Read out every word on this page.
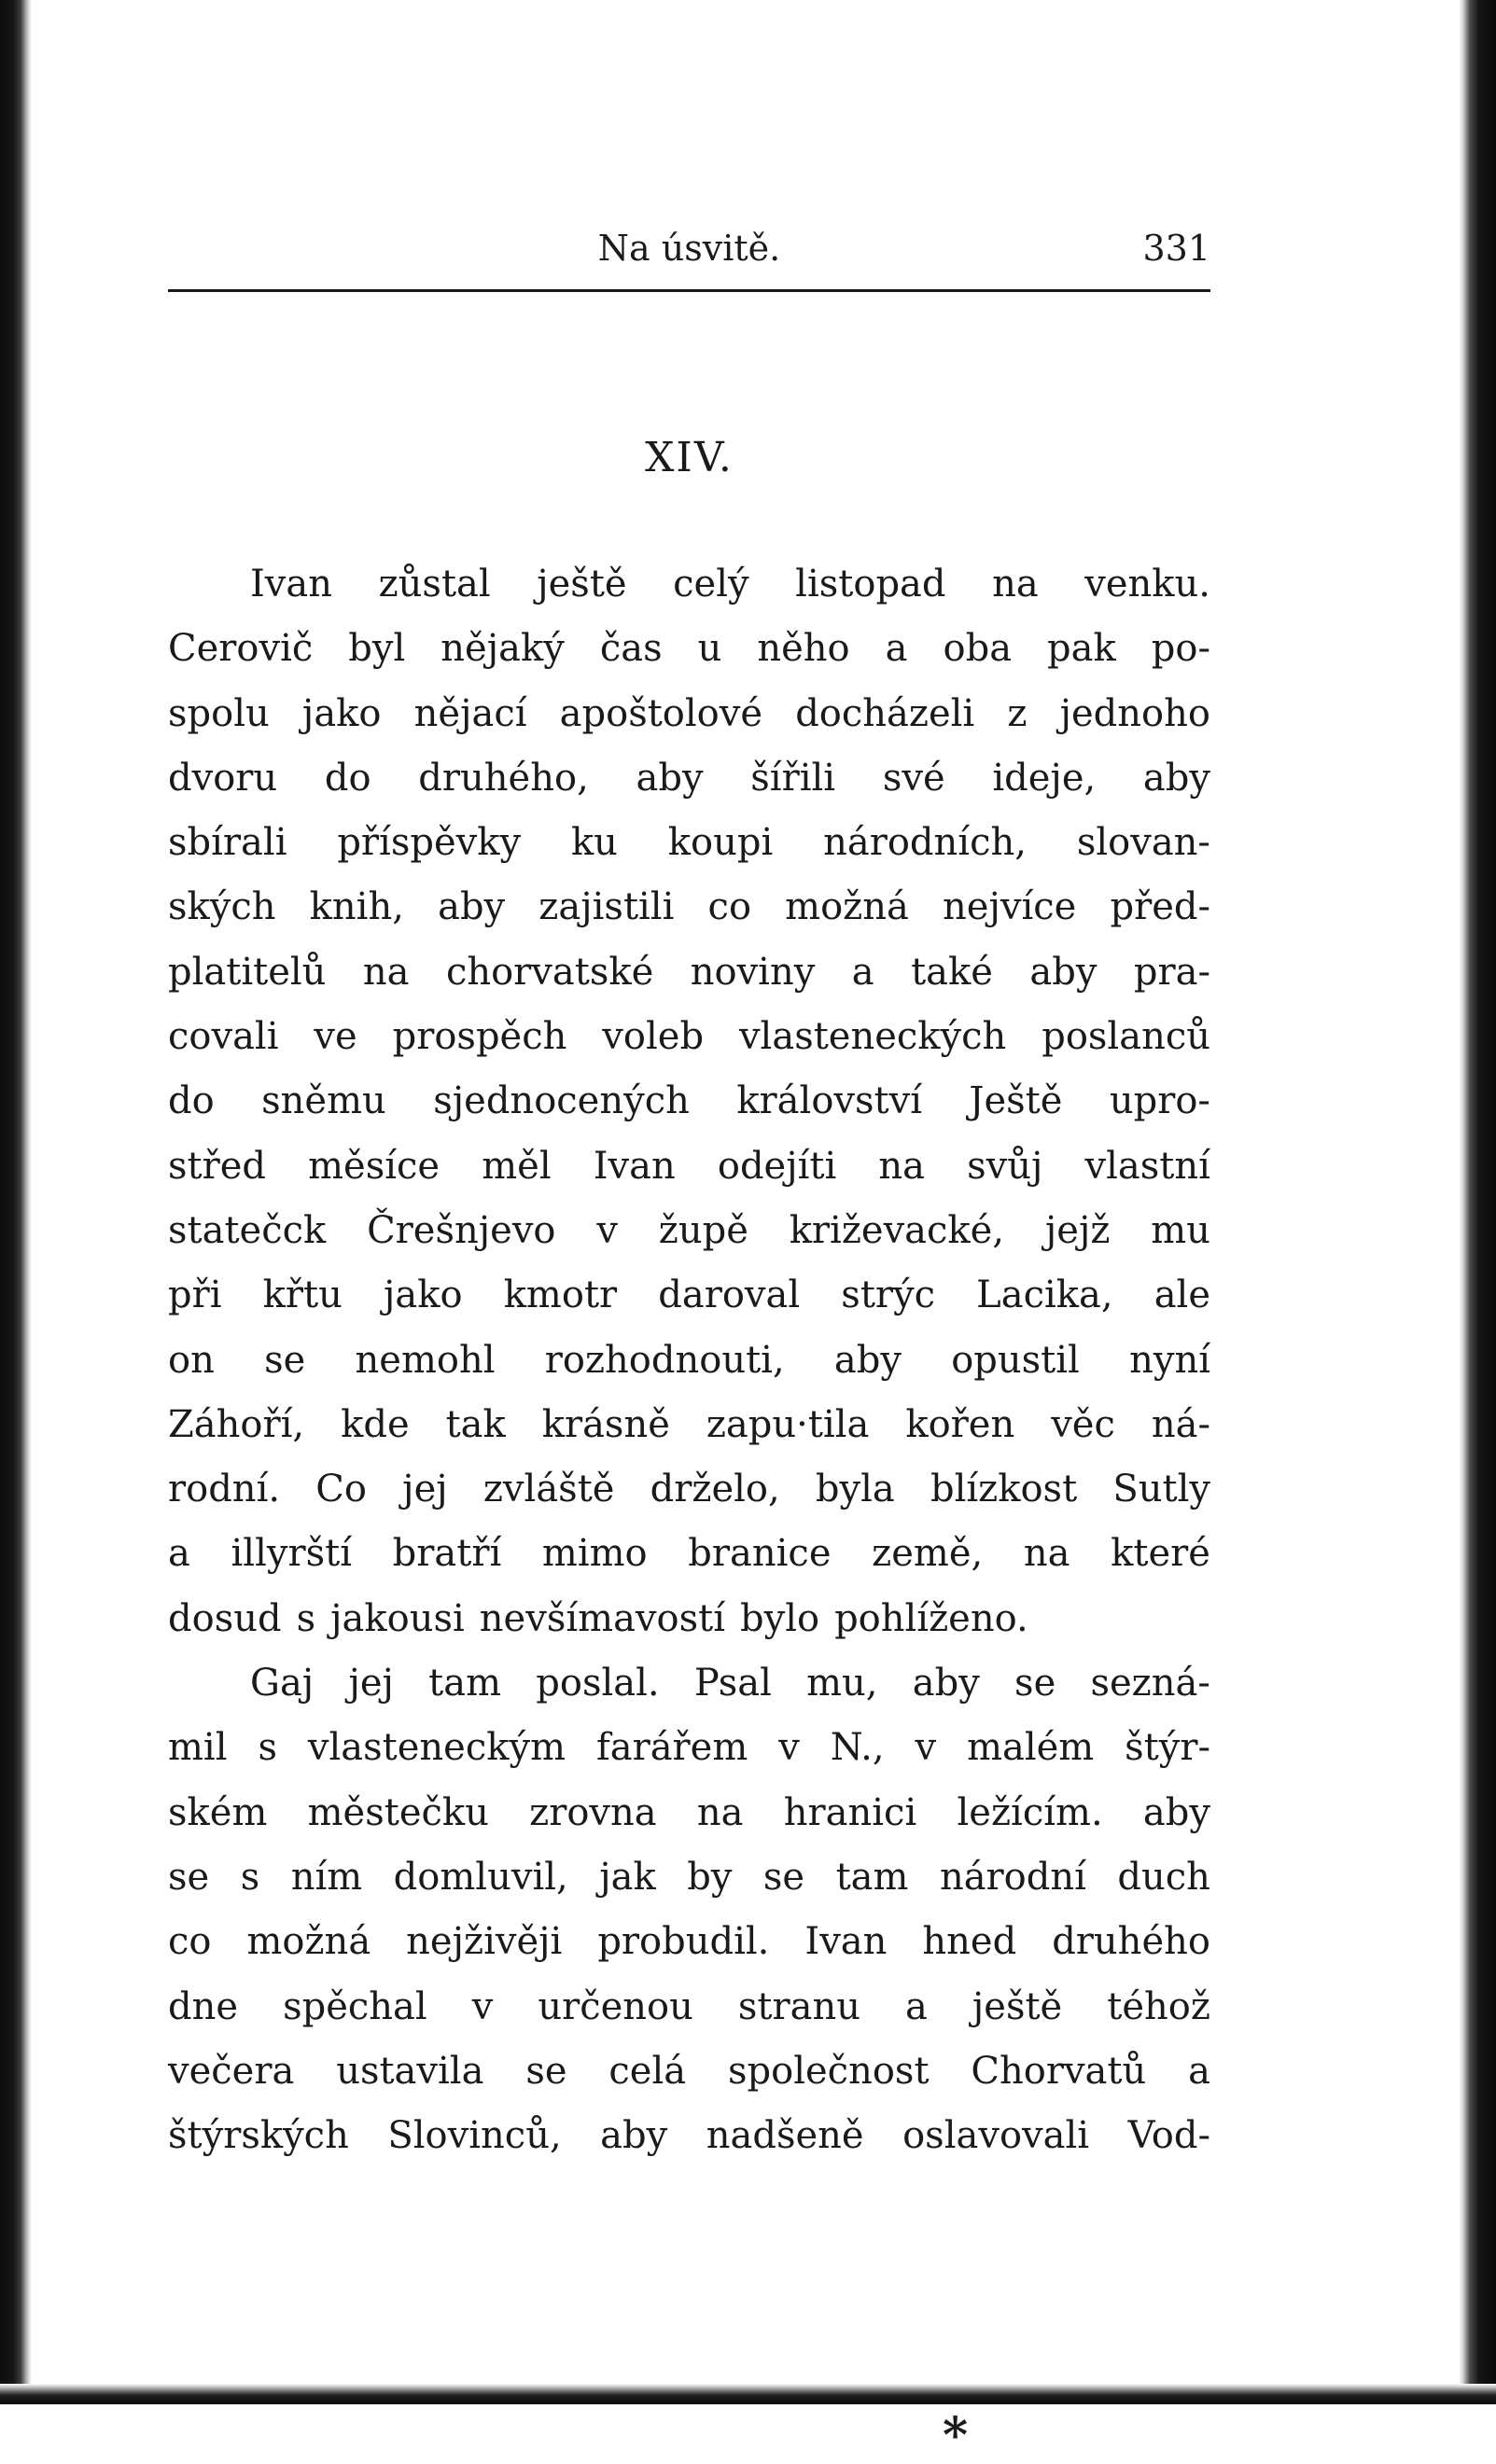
Na úsvitě.	331
XIV.
Ivan zůstal ještě celý listopad na venku.
Cerovič byl nějaký čas u něho a oba pak po-
spolu jako nějací apoštolové docházeli z jednoho
dvoru do druhého, aby šířili své ideje, aby
sbírali příspěvky ku koupi národních, slovan-
ských knih, aby zajistili co možná nejvíce před-
platitelů na chorvatské noviny a také aby pra-
covali ve prospěch voleb vlasteneckých poslanců
do sněmu sjednocených království Ještě upro-
střed měsíce měl Ivan odejíti na svůj vlastní
statečck Črešnjevo v župě križevacké, jejž mu
při křtu jako kmotr daroval strýc Lacika, ale
on se nemohl rozhodnouti, aby opustil nyní
Záhoří, kde tak krásně zapu·tila kořen věc ná-
rodní. Co jej zvláště drželo, byla blízkost Sutly
a illyrští bratří mimo branice země, na které
dosud s jakousi nevšímavostí bylo pohlíženo.
Gaj jej tam poslal. Psal mu, aby se sezná-
mil s vlasteneckým farářem v N., v malém štýr-
ském městečku zrovna na hranici ležícím. aby
se s ním domluvil, jak by se tam národní duch
co možná nejživěji probudil. Ivan hned druhého
dne spěchal v určenou stranu a ještě téhož
večera ustavila se celá společnost Chorvatů a
štýrských Slovinců, aby nadšeně oslavovali Vod-
*
